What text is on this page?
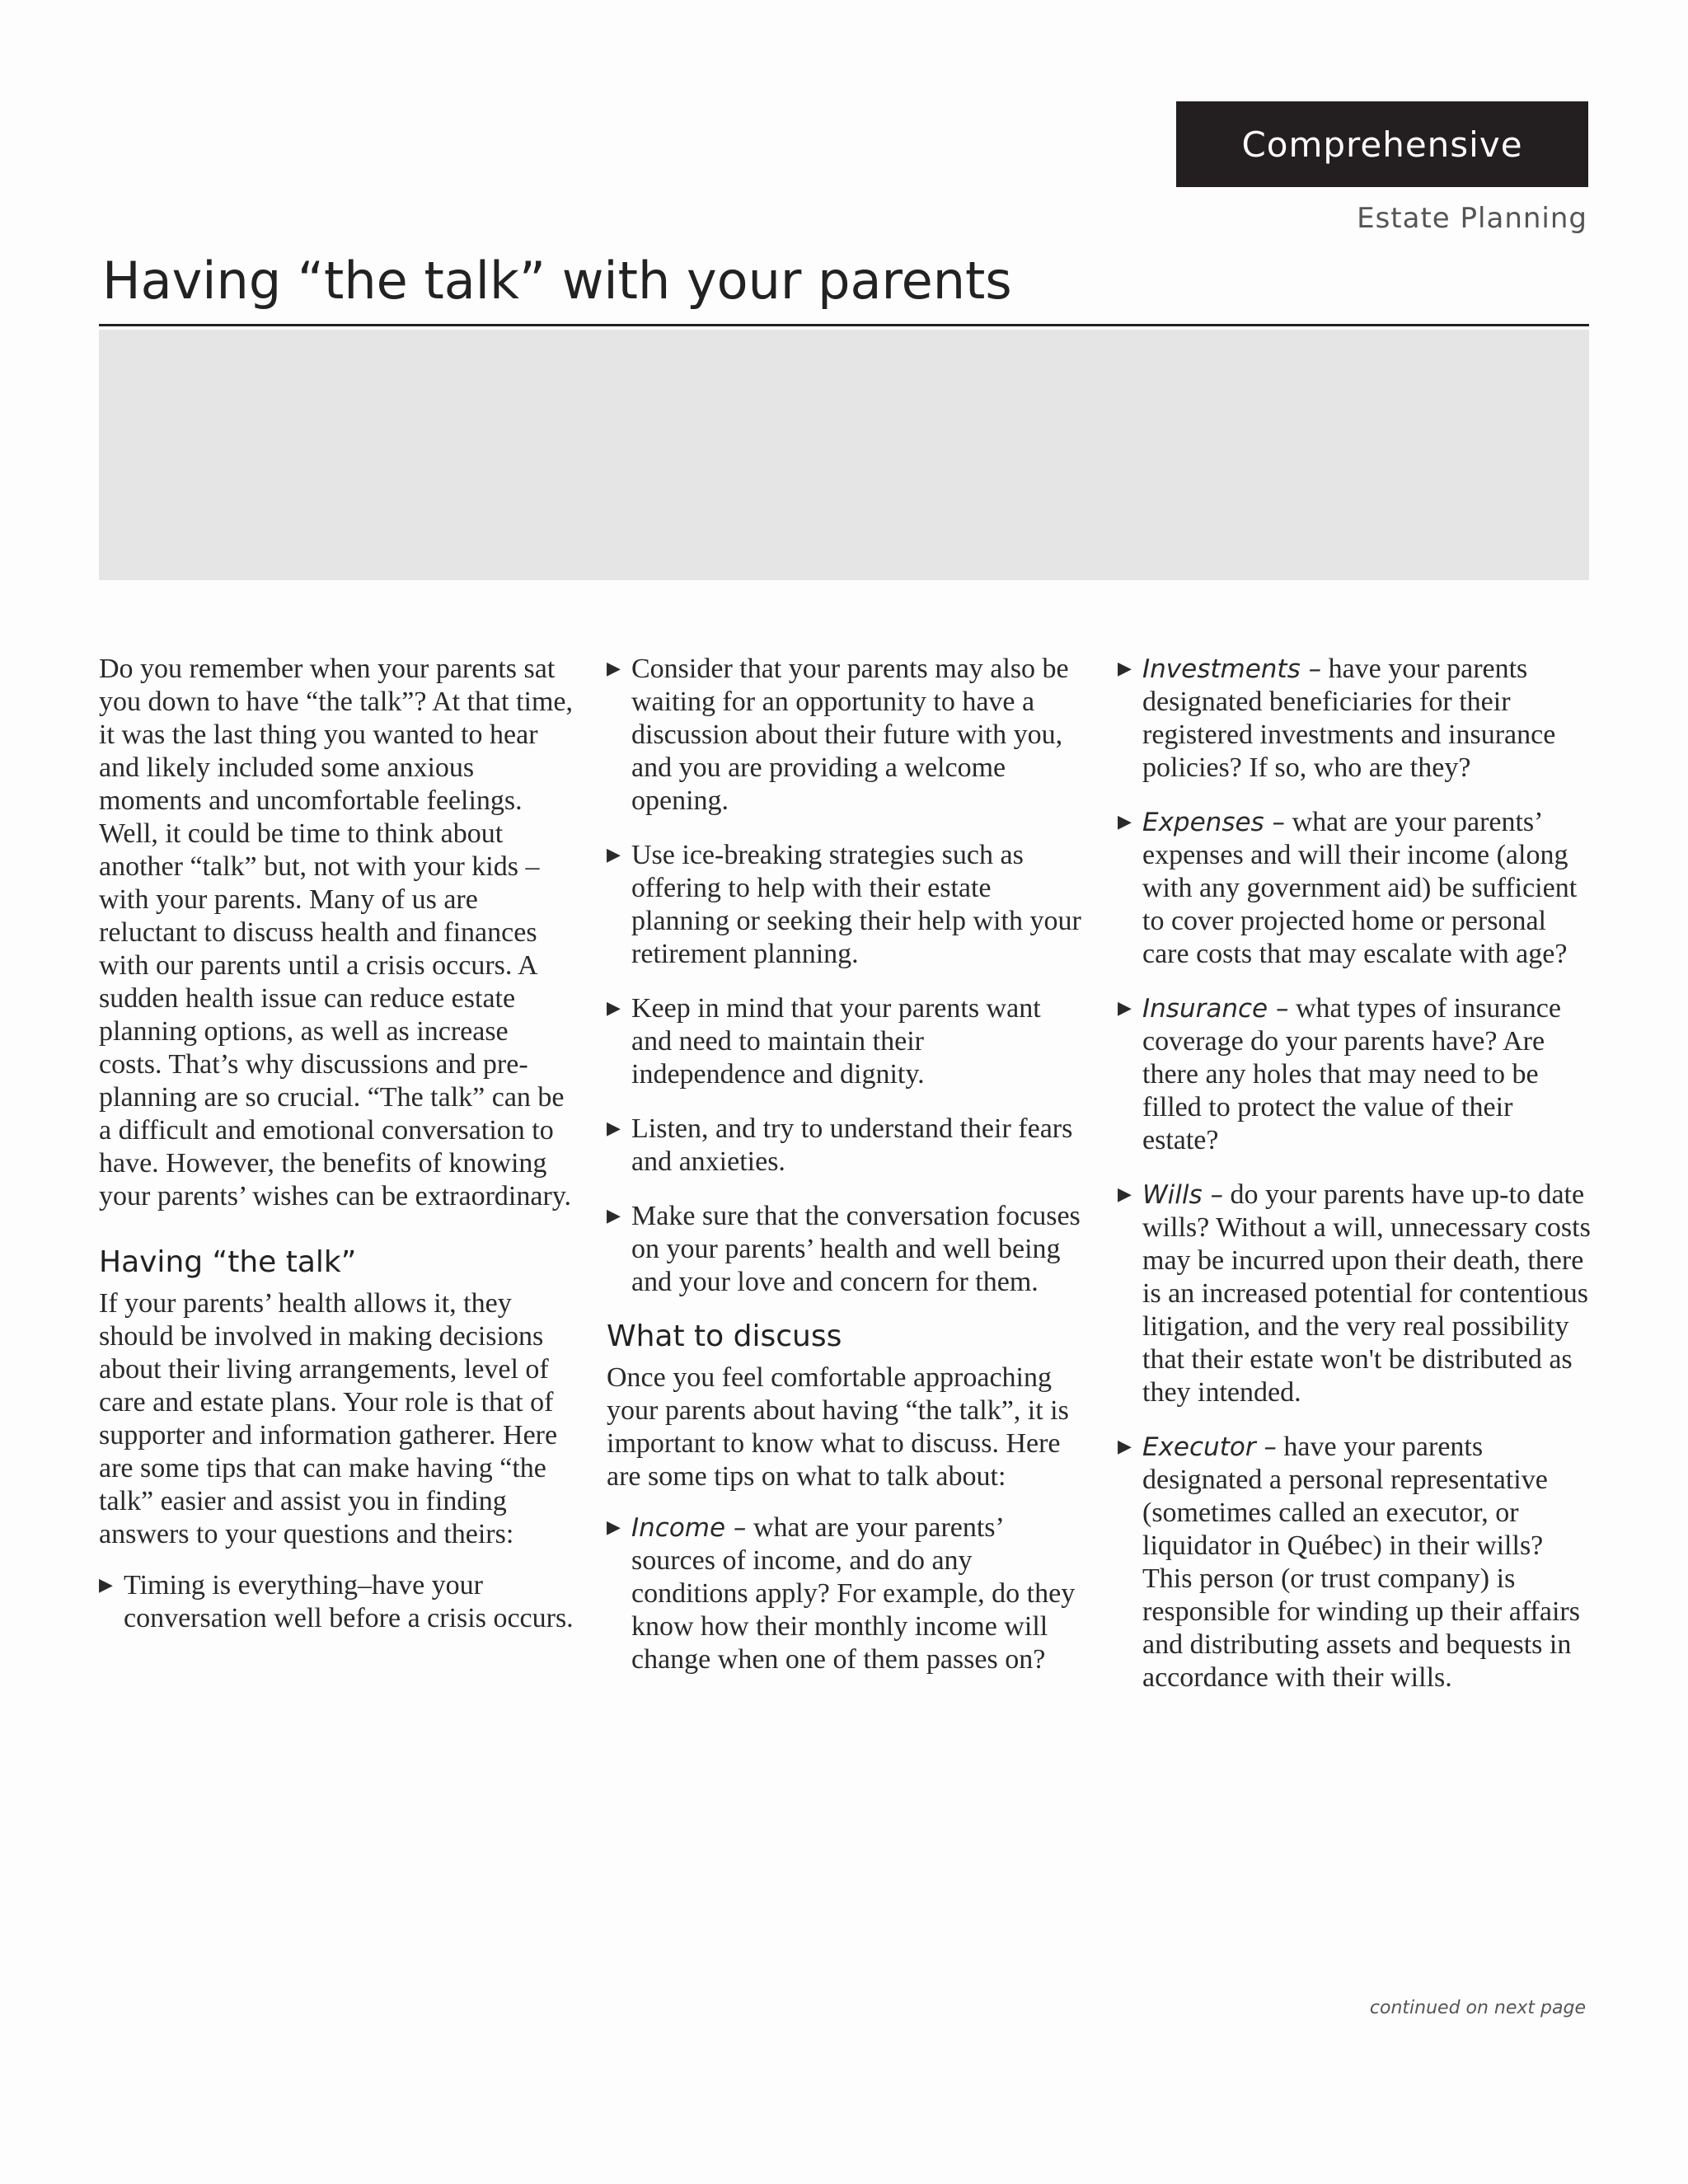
Comprehensive
Estate Planning
Having “the talk” with your parents

Do you remember when your parents sat you down to have “the talk”? At that time, it was the last thing you wanted to hear and likely included some anxious moments and uncomfortable feelings. Well, it could be time to think about another “talk” but, not with your kids – with your parents. Many of us are reluctant to discuss health and finances with our parents until a crisis occurs. A sudden health issue can reduce estate planning options, as well as increase costs. That’s why discussions and pre-planning are so crucial. “The talk” can be a difficult and emotional conversation to have. However, the benefits of knowing your parents’ wishes can be extraordinary.

Having “the talk”

If your parents’ health allows it, they should be involved in making decisions about their living arrangements, level of care and estate plans. Your role is that of supporter and information gatherer. Here are some tips that can make having “the talk” easier and assist you in finding answers to your questions and theirs:

▶ Timing is everything–have your conversation well before a crisis occurs.
▶ Consider that your parents may also be waiting for an opportunity to have a discussion about their future with you, and you are providing a welcome opening.
▶ Use ice-breaking strategies such as offering to help with their estate planning or seeking their help with your retirement planning.
▶ Keep in mind that your parents want and need to maintain their independence and dignity.
▶ Listen, and try to understand their fears and anxieties.
▶ Make sure that the conversation focuses on your parents’ health and well being and your love and concern for them.
What to discuss

Once you feel comfortable approaching your parents about having “the talk”, it is important to know what to discuss. Here are some tips on what to talk about:

▶ Income – what are your parents’ sources of income, and do any conditions apply? For example, do they know how their monthly income will change when one of them passes on?
▶ Investments – have your parents designated beneficiaries for their registered investments and insurance policies? If so, who are they?
▶ Expenses – what are your parents’ expenses and will their income (along with any government aid) be sufficient to cover projected home or personal care costs that may escalate with age?
▶ Insurance – what types of insurance coverage do your parents have? Are there any holes that may need to be filled to protect the value of their estate?
▶ Wills – do your parents have up-to date wills? Without a will, unnecessary costs may be incurred upon their death, there is an increased potential for contentious litigation, and the very real possibility that their estate won't be distributed as they intended.
▶ Executor – have your parents designated a personal representative (sometimes called an executor, or liquidator in Québec) in their wills? This person (or trust company) is responsible for winding up their affairs and distributing assets and bequests in accordance with their wills.
continued on next page
